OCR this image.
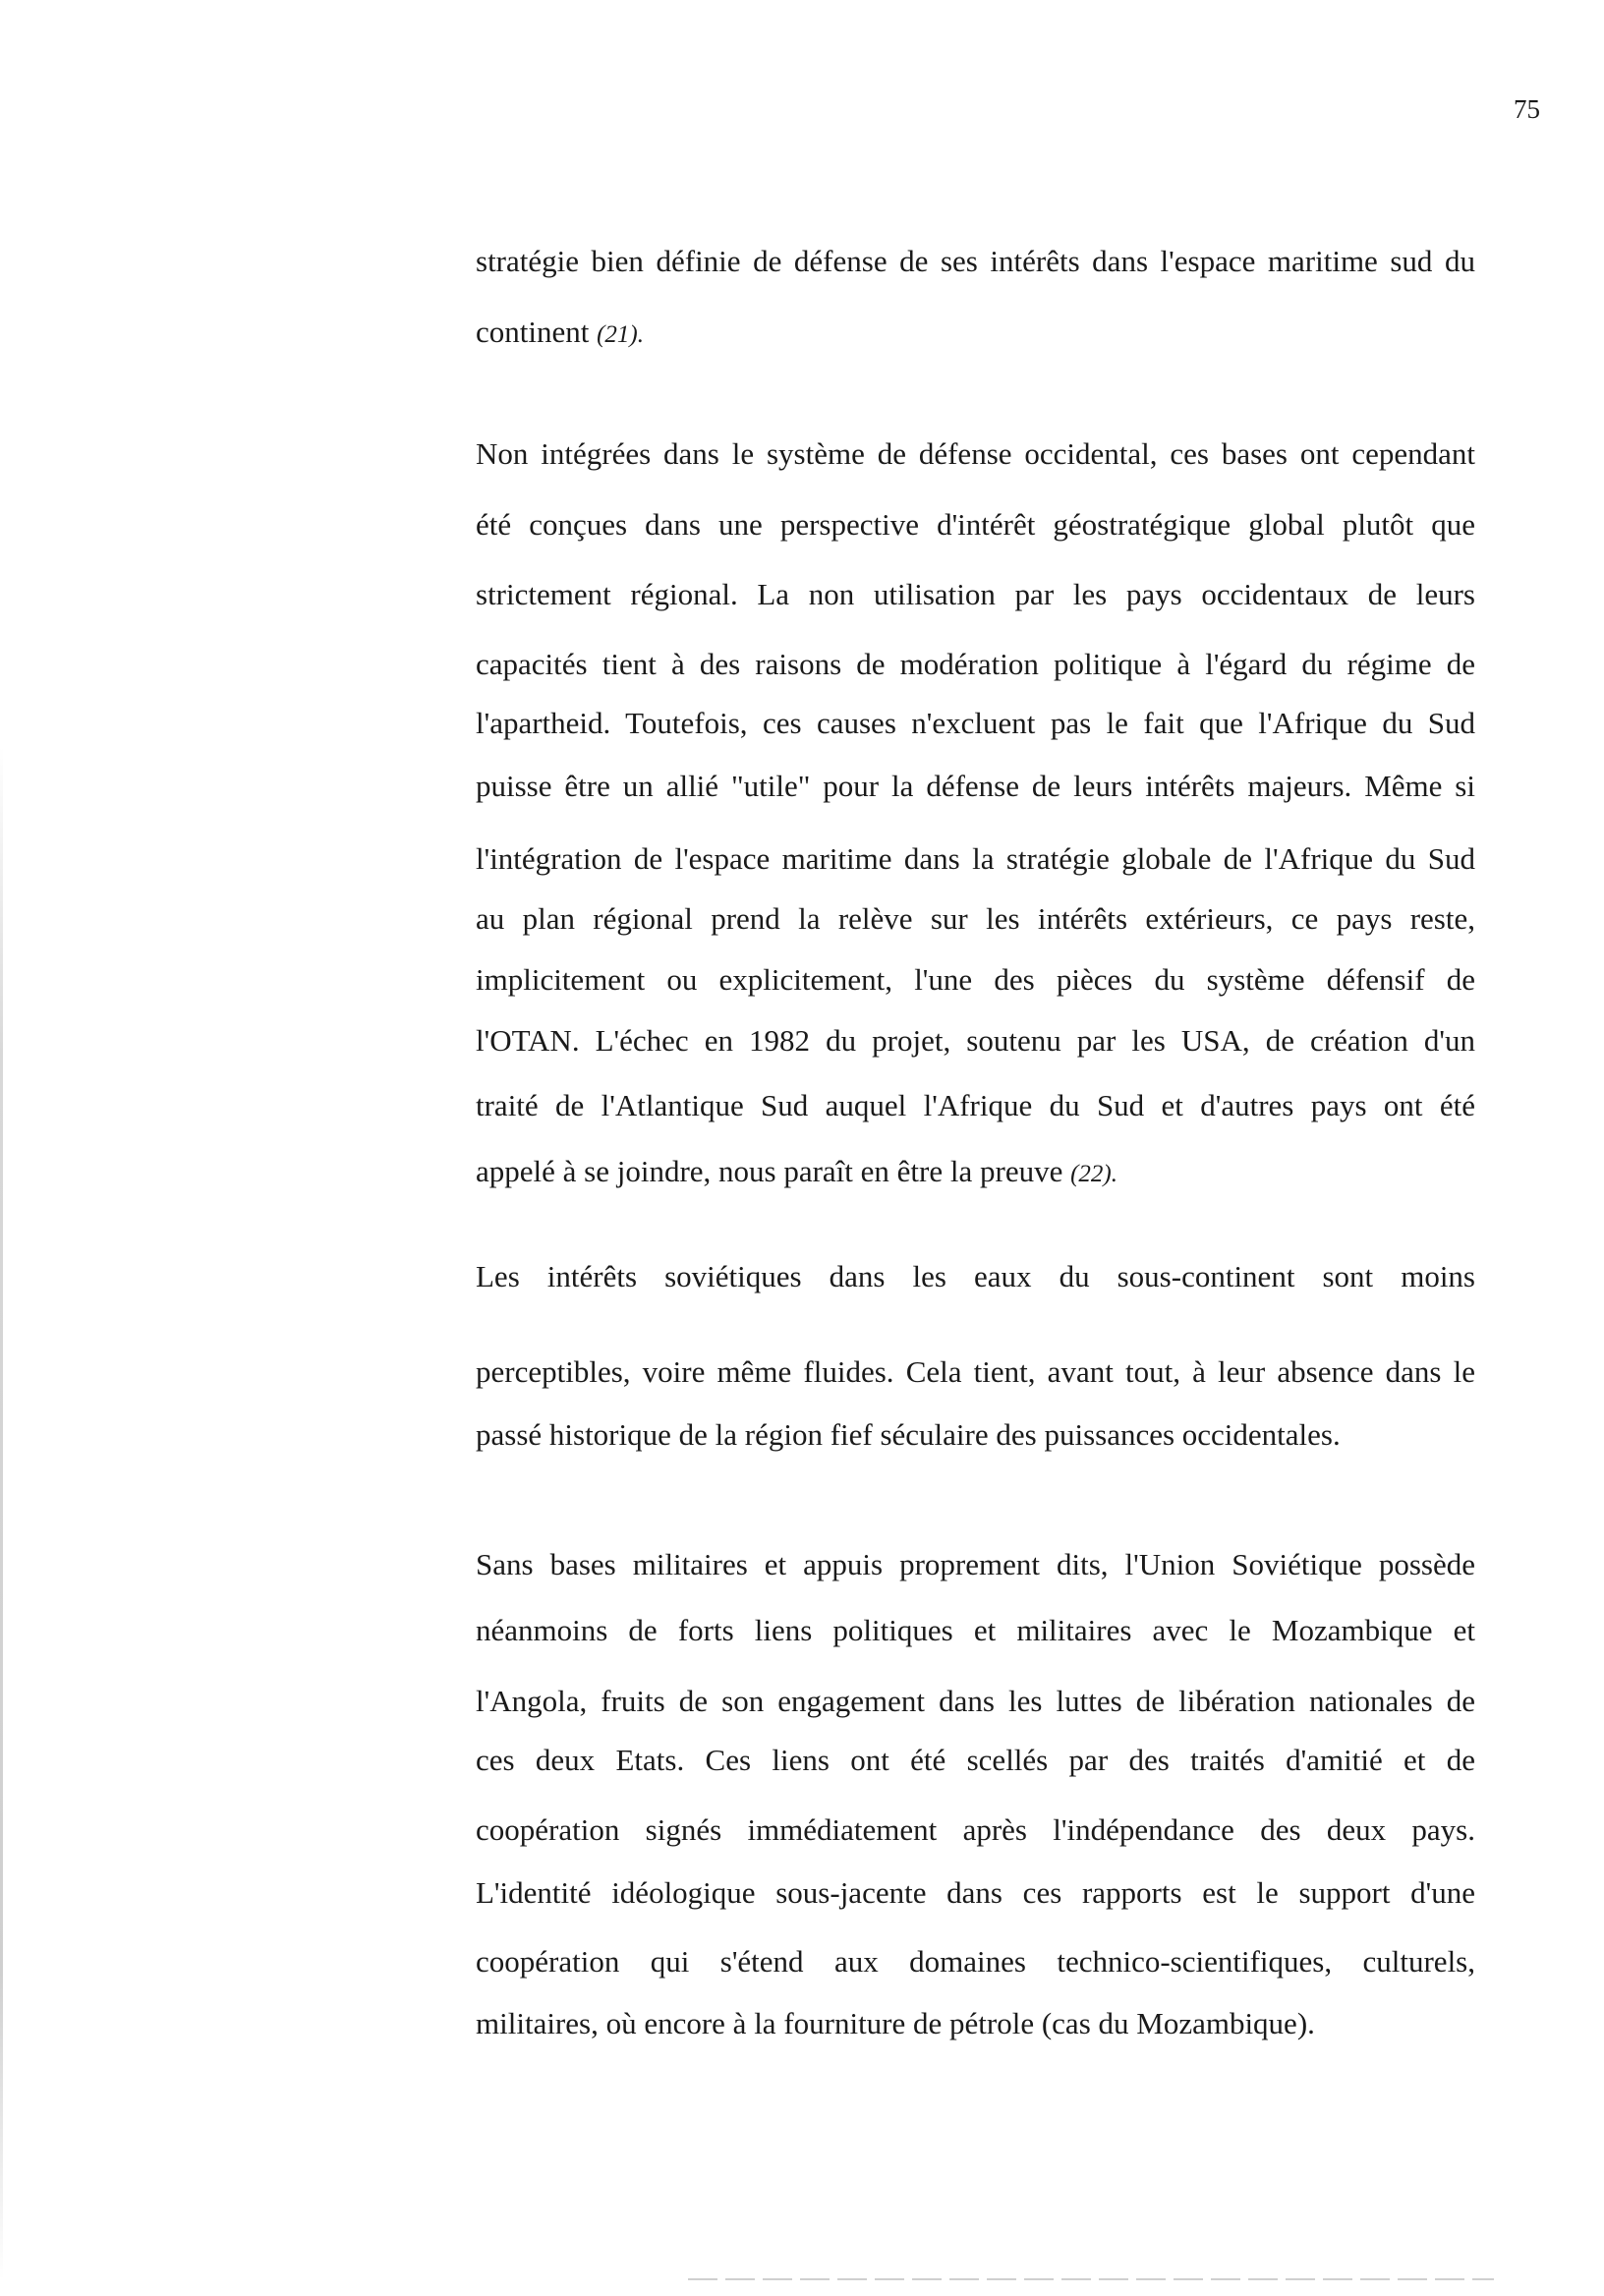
75
stratégie bien définie de défense de ses intérêts dans l'espace maritime sud du
continent (21).
Non intégrées dans le système de défense occidental, ces bases ont cependant
été conçues dans une perspective d'intérêt géostratégique global plutôt que
strictement régional. La non utilisation par les pays occidentaux de leurs
capacités tient à des raisons de modération politique à l'égard du régime de
l'apartheid. Toutefois, ces causes n'excluent pas le fait que l'Afrique du Sud
puisse être un allié "utile" pour la défense de leurs intérêts majeurs. Même si
l'intégration de l'espace maritime dans la stratégie globale de l'Afrique du Sud
au plan régional prend la relève sur les intérêts extérieurs, ce pays reste,
implicitement ou explicitement, l'une des pièces du système défensif de
l'OTAN. L'échec en 1982 du projet, soutenu par les USA, de création d'un
traité de l'Atlantique Sud auquel l'Afrique du Sud et d'autres pays ont été
appelé à se joindre, nous paraît en être la preuve (22).
Les intérêts soviétiques dans les eaux du sous-continent sont moins
perceptibles, voire même fluides. Cela tient, avant tout, à leur absence dans le
passé historique de la région fief séculaire des puissances occidentales.
Sans bases militaires et appuis proprement dits, l'Union Soviétique possède
néanmoins de forts liens politiques et militaires avec le Mozambique et
l'Angola, fruits de son engagement dans les luttes de libération nationales de
ces deux Etats. Ces liens ont été scellés par des traités d'amitié et de
coopération signés immédiatement après l'indépendance des deux pays.
L'identité idéologique sous-jacente dans ces rapports est le support d'une
coopération qui s'étend aux domaines technico-scientifiques, culturels,
militaires, où encore à la fourniture de pétrole (cas du Mozambique).
